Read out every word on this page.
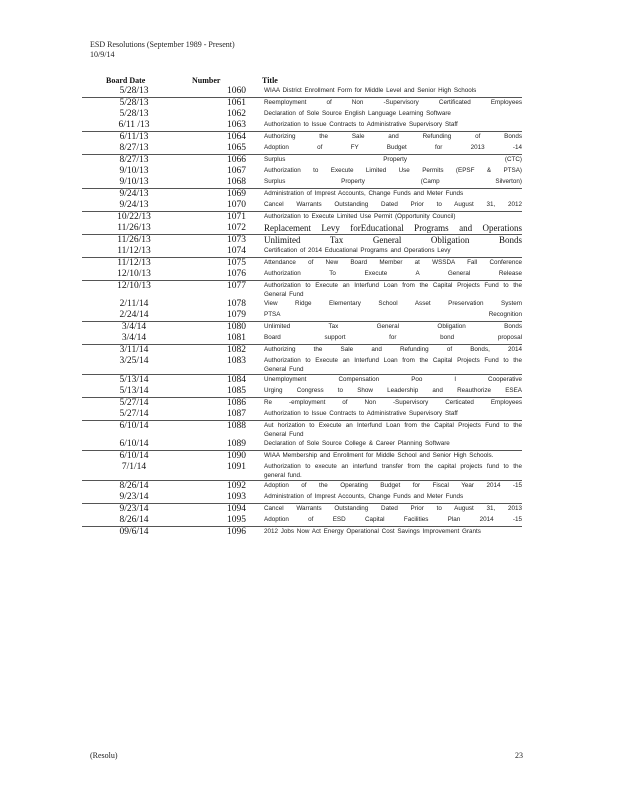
ESD Resolutions (September 1989 - Present)
10/9/14
Board Date	Number	Title
5/28/13	1060	WIAA District Enrollment Form for Middle Level and Senior High Schools
5/28/13	1061	Reemployment of Non -Supervisory Certificated Employees
5/28/13	1062	Declaration of Sole Source English Language Learning Software
6/11 /13	1063	Authorization to Issue Contracts to Administrative Supervisory Staff
6/11/13	1064	Authorizing the Sale and Refunding of Bonds
8/27/13	1065	Adoption of FY Budget for 2013 -14
8/27/13	1066	Surplus Property (CTC)
9/10/13	1067	Authorization to Execute Limited Use Permits (EPSF & PTSA)
9/10/13	1068	Surplus Property (Camp Silverton)
9/24/13	1069	Administration of Imprest Accounts, Change Funds and Meter Funds
9/24/13	1070	Cancel Warrants Outstanding Dated Prior to August 31, 2012
10/22/13	1071	Authorization to Execute Limited Use Permit (Opportunity Council)
11/26/13	1072	Replacement Levy forEducational Programs and Operations
11/26/13	1073	Unlimited Tax General Obligation Bonds
11/12/13	1074	Certification of 2014 Educational Programs and Operations Levy
11/12/13	1075	Attendance of New Board Member at WSSDA Fall Conference
12/10/13	1076	Authorization To Execute A General Release
12/10/13	1077	Authorization to Execute an Interfund Loan from the Capital Projects Fund to the General Fund
2/11/14	1078	View Ridge Elementary School Asset Preservation System
2/24/14	1079	PTSA Recognition
3/4/14	1080	Unlimited Tax General Obligation Bonds
3/4/14	1081	Board support for bond proposal
3/11/14	1082	Authorizing the Sale and Refunding of Bonds, 2014
3/25/14	1083	Authorization to Execute an Interfund Loan from the Capital Projects Fund to the General Fund
5/13/14	1084	Unemployment Compensation Poo l Cooperative
5/13/14	1085	Urging Congress to Show Leadership and Reauthorize ESEA
5/27/14	1086	Re -employment of Non -Supervisory Certicated Employees
5/27/14	1087	Authorization to Issue Contracts to Administrative Supervisory Staff
6/10/14	1088	Aut horization to Execute an Interfund Loan from the Capital Projects Fund to the General Fund
6/10/14	1089	Declaration of Sole Source College & Career Planning Software
6/10/14	1090	WIAA Membership and Enrollment for Middle School and Senior High Schools.
7/1/14	1091	Authorization to execute an interfund transfer from the capital projects fund to the general fund.
8/26/14	1092	Adoption of the Operating Budget for Fiscal Year 2014 -15
9/23/14	1093	Administration of Imprest Accounts, Change Funds and Meter Funds
9/23/14	1094	Cancel Warrants Outstanding Dated Prior to August 31, 2013
8/26/14	1095	Adoption of ESD Capital Facilities Plan 2014 -15
09/6/14	1096	2012 Jobs Now Act Energy Operational Cost Savings Improvement Grants
(Resolu)	23
